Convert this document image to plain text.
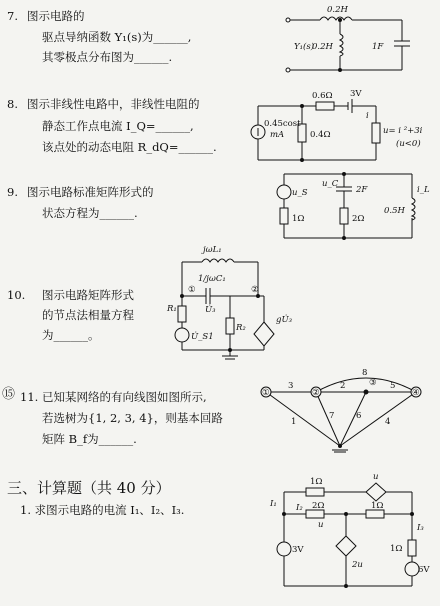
7. 图示电路的
驱点导纳函数 Y₁(s)为______,
其零极点分布图为______.
8. 图示非线性电路中，非线性电阻的
静态工作点电流 I_Q=______,
该点处的动态电阻 R_dQ=______.
9. 图示电路标准矩阵形式的
状态方程为______.
10. 图示电路矩阵形式
的节点法相量方程
为______。
⑮ 11. 已知某网络的有向线图如图所示,
若选树为{1, 2, 3, 4}，则基本回路
矩阵 B_f为______.
三、计算题（共 40 分）
1. 求图示电路的电流 I₁、I₂、I₃.
0.2H
Y₁(s)
0.2H	1F
0.45cost
mA
0.6Ω 3V
0.4Ω
i
u= i ²+3i
(u<0)
u_S
1Ω
u_C
2F
2Ω
i_L
0.5H
jωL₁
1/jωC₁
①	②
U̇₃
R₁
R₂
U̇_S1
gU̇₃
①	②
③
④
8
3	2	5
7	6
1	4
1Ω	u
I₁ I₂ 2Ω	1Ω
I₃
3V
u
2u
1Ω
6V
